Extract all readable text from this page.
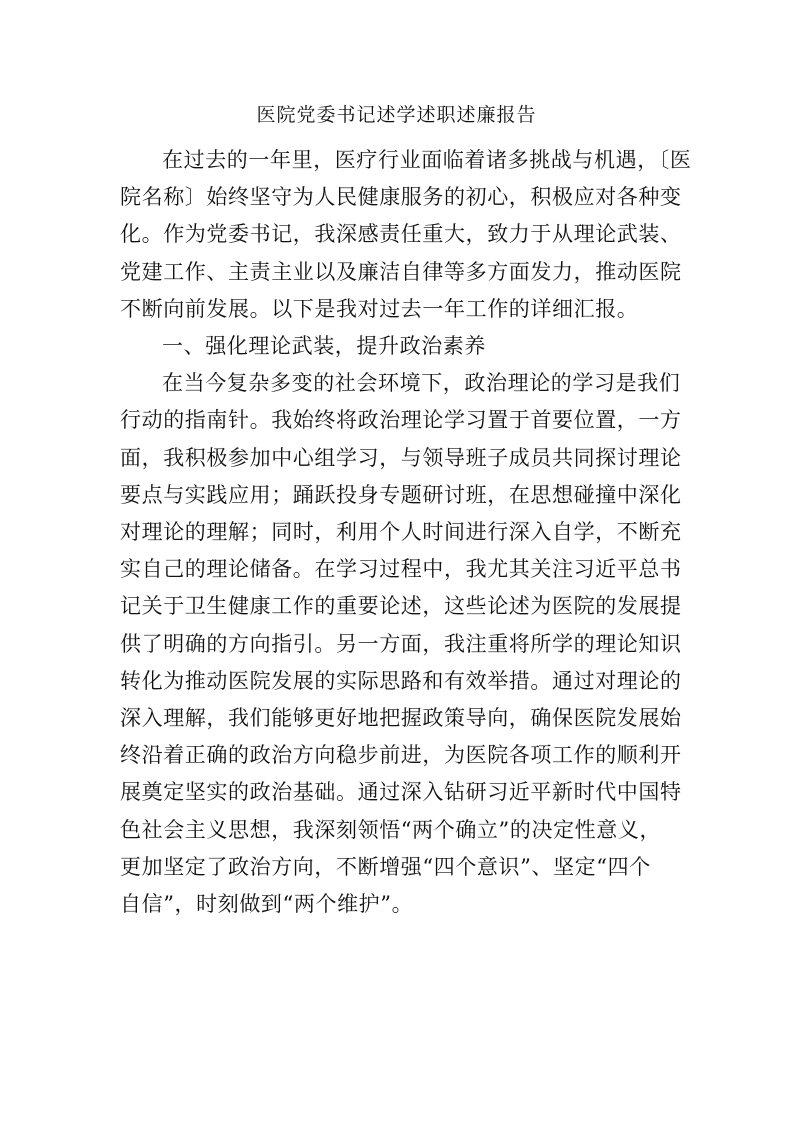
医院党委书记述学述职述廉报告
在过去的一年里，医疗行业面临着诸多挑战与机遇，〔医
院名称〕始终坚守为人民健康服务的初心，积极应对各种变
化。作为党委书记，我深感责任重大，致力于从理论武装、
党建工作、主责主业以及廉洁自律等多方面发力，推动医院
不断向前发展。以下是我对过去一年工作的详细汇报。
一、强化理论武装，提升政治素养
在当今复杂多变的社会环境下，政治理论的学习是我们
行动的指南针。我始终将政治理论学习置于首要位置，一方
面，我积极参加中心组学习，与领导班子成员共同探讨理论
要点与实践应用；踊跃投身专题研讨班，在思想碰撞中深化
对理论的理解；同时，利用个人时间进行深入自学，不断充
实自己的理论储备。在学习过程中，我尤其关注习近平总书
记关于卫生健康工作的重要论述，这些论述为医院的发展提
供了明确的方向指引。另一方面，我注重将所学的理论知识
转化为推动医院发展的实际思路和有效举措。通过对理论的
深入理解，我们能够更好地把握政策导向，确保医院发展始
终沿着正确的政治方向稳步前进，为医院各项工作的顺利开
展奠定坚实的政治基础。通过深入钻研习近平新时代中国特
色社会主义思想，我深刻领悟“两个确立”的决定性意义，
更加坚定了政治方向，不断增强“四个意识”、坚定“四个
自信”，时刻做到“两个维护”。
